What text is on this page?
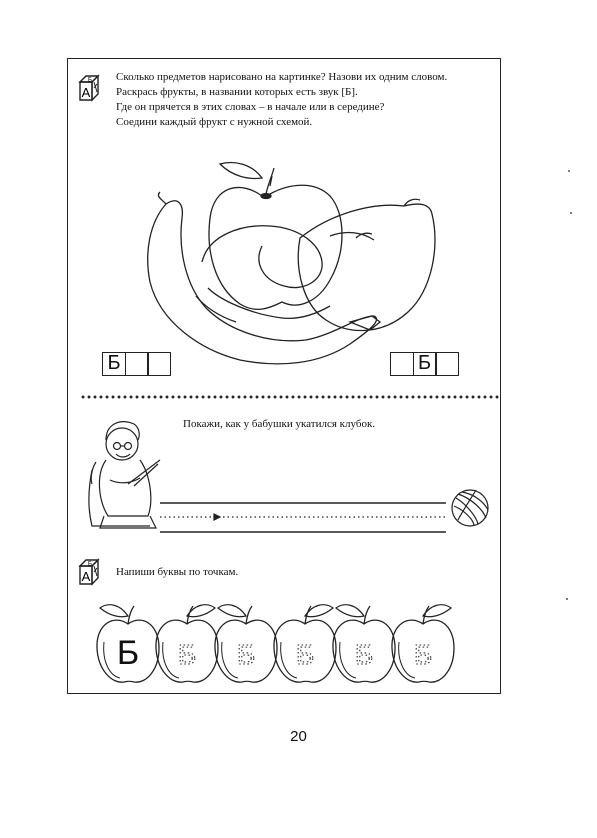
Б
А
Сколько предметов нарисовано на картинке? Назови их одним словом.
Раскрась фрукты, в названии которых есть звук [Б].
Где он прячется в этих словах – в начале или в середине?
Соедини каждый фрукт с нужной схемой.
Б	Б
Покажи, как у бабушки укатился клубок.
Б
А Напиши буквы по точкам.
Б Б Б Б Б Б
20
